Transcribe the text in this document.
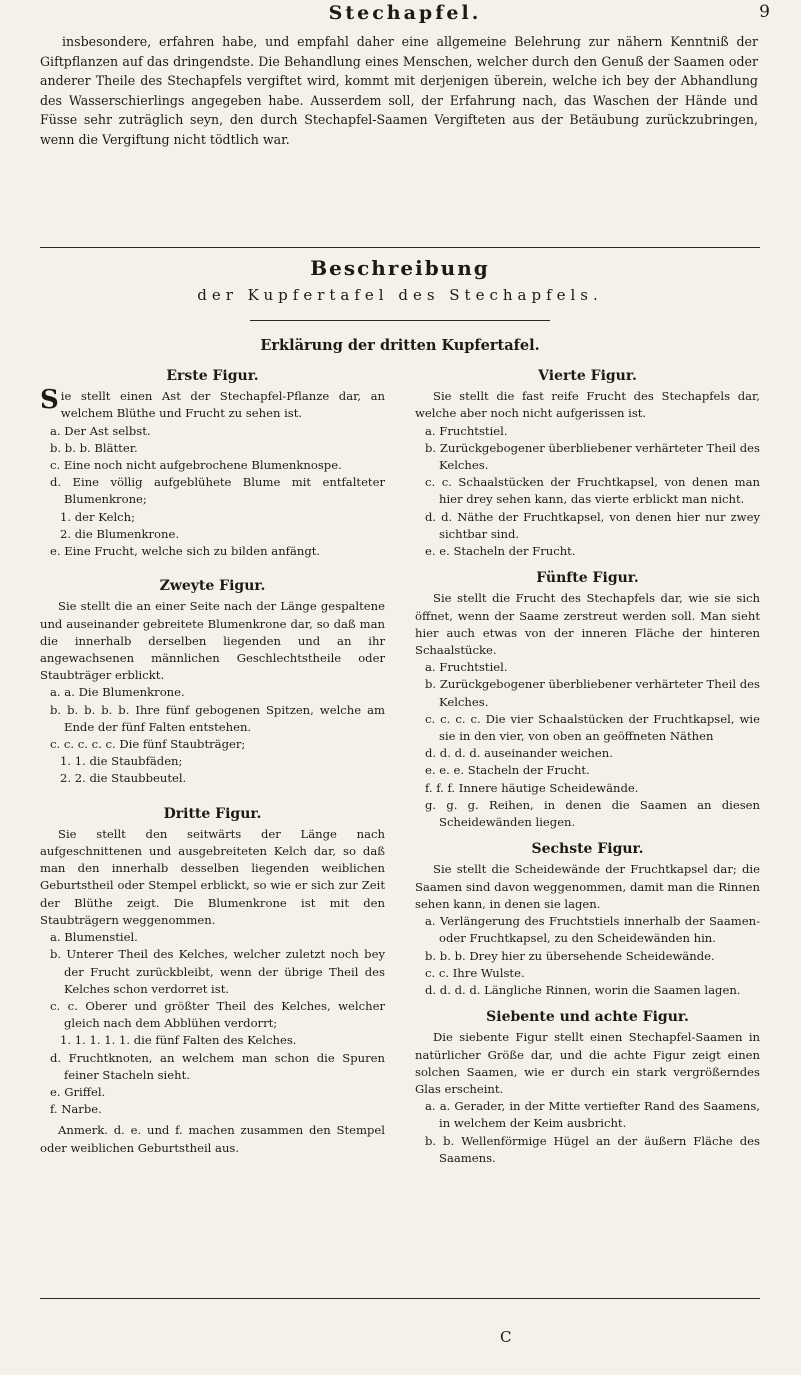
Stechapfel.	9

insbesondere, erfahren habe, und empfahl daher eine allgemeine Belehrung zur nähern Kenntniß der Giftpflanzen auf das dringendste. Die Behandlung eines Menschen, welcher durch den Genuß der Saamen oder anderer Theile des Stechapfels vergiftet wird, kommt mit derjenigen überein, welche ich bey der Abhandlung des Wasserschierlings angegeben habe. Ausserdem soll, der Erfahrung nach, das Waschen der Hände und Füsse sehr zuträglich seyn, den durch Stechapfel-Saamen Vergifteten aus der Betäubung zurückzubringen, wenn die Vergiftung nicht tödtlich war.

Beschreibung
der Kupfertafel des Stechapfels.
Erklärung der dritten Kupfertafel.
Erste Figur.

Sie stellt einen Ast der Stechapfel-Pflanze dar, an welchem Blüthe und Frucht zu sehen ist.

a. Der Ast selbst.

b. b. b. Blätter.

c. Eine noch nicht aufgebrochene Blumenknospe.

d. Eine völlig aufgeblühete Blume mit entfalteter Blumenkrone;

1. der Kelch;

2. die Blumenkrone.

e. Eine Frucht, welche sich zu bilden anfängt.

Zweyte Figur.

Sie stellt die an einer Seite nach der Länge gespaltene und auseinander gebreitete Blumenkrone dar, so daß man die innerhalb derselben liegenden und an ihr angewachsenen männlichen Geschlechtstheile oder Staubträger erblickt.

a. a. Die Blumenkrone.

b. b. b. b. b. Ihre fünf gebogenen Spitzen, welche am Ende der fünf Falten entstehen.

c. c. c. c. c. Die fünf Staubträger;

1. 1. die Staubfäden;

2. 2. die Staubbeutel.

Dritte Figur.

Sie stellt den seitwärts der Länge nach aufgeschnittenen und ausgebreiteten Kelch dar, so daß man den innerhalb desselben liegenden weiblichen Geburtstheil oder Stempel erblickt, so wie er sich zur Zeit der Blüthe zeigt. Die Blumenkrone ist mit den Staubträgern weggenommen.

a. Blumenstiel.

b. Unterer Theil des Kelches, welcher zuletzt noch bey der Frucht zurückbleibt, wenn der übrige Theil des Kelches schon verdorret ist.

c. c. Oberer und größter Theil des Kelches, welcher gleich nach dem Abblühen verdorrt;

1. 1. 1. 1. 1. die fünf Falten des Kelches.

d. Fruchtknoten, an welchem man schon die Spuren feiner Stacheln sieht.

e. Griffel.

f. Narbe.

Anmerk. d. e. und f. machen zusammen den Stempel oder weiblichen Geburtstheil aus.

Vierte Figur.

Sie stellt die fast reife Frucht des Stechapfels dar, welche aber noch nicht aufgerissen ist.

a. Fruchtstiel.

b. Zurückgebogener überbliebener verhärteter Theil des Kelches.

c. c. Schaalstücken der Fruchtkapsel, von denen man hier drey sehen kann, das vierte erblickt man nicht.

d. d. Näthe der Fruchtkapsel, von denen hier nur zwey sichtbar sind.

e. e. Stacheln der Frucht.

Fünfte Figur.

Sie stellt die Frucht des Stechapfels dar, wie sie sich öffnet, wenn der Saame zerstreut werden soll. Man sieht hier auch etwas von der inneren Fläche der hinteren Schaalstücke.

a. Fruchtstiel.

b. Zurückgebogener überbliebener verhärteter Theil des Kelches.

c. c. c. c. Die vier Schaalstücken der Fruchtkapsel, wie sie in den vier, von oben an geöffneten Näthen

d. d. d. d. auseinander weichen.

e. e. e. Stacheln der Frucht.

f. f. f. Innere häutige Scheidewände.

g. g. g. Reihen, in denen die Saamen an diesen Scheidewänden liegen.

Sechste Figur.

Sie stellt die Scheidewände der Fruchtkapsel dar; die Saamen sind davon weggenommen, damit man die Rinnen sehen kann, in denen sie lagen.

a. Verlängerung des Fruchtstiels innerhalb der Saamen- oder Fruchtkapsel, zu den Scheidewänden hin.

b. b. b. Drey hier zu übersehende Scheidewände.

c. c. Ihre Wulste.

d. d. d. d. Längliche Rinnen, worin die Saamen lagen.

Siebente und achte Figur.

Die siebente Figur stellt einen Stechapfel-Saamen in natürlicher Größe dar, und die achte Figur zeigt einen solchen Saamen, wie er durch ein stark vergrößerndes Glas erscheint.

a. a. Gerader, in der Mitte vertiefter Rand des Saamens, in welchem der Keim ausbricht.

b. b. Wellenförmige Hügel an der äußern Fläche des Saamens.

C
